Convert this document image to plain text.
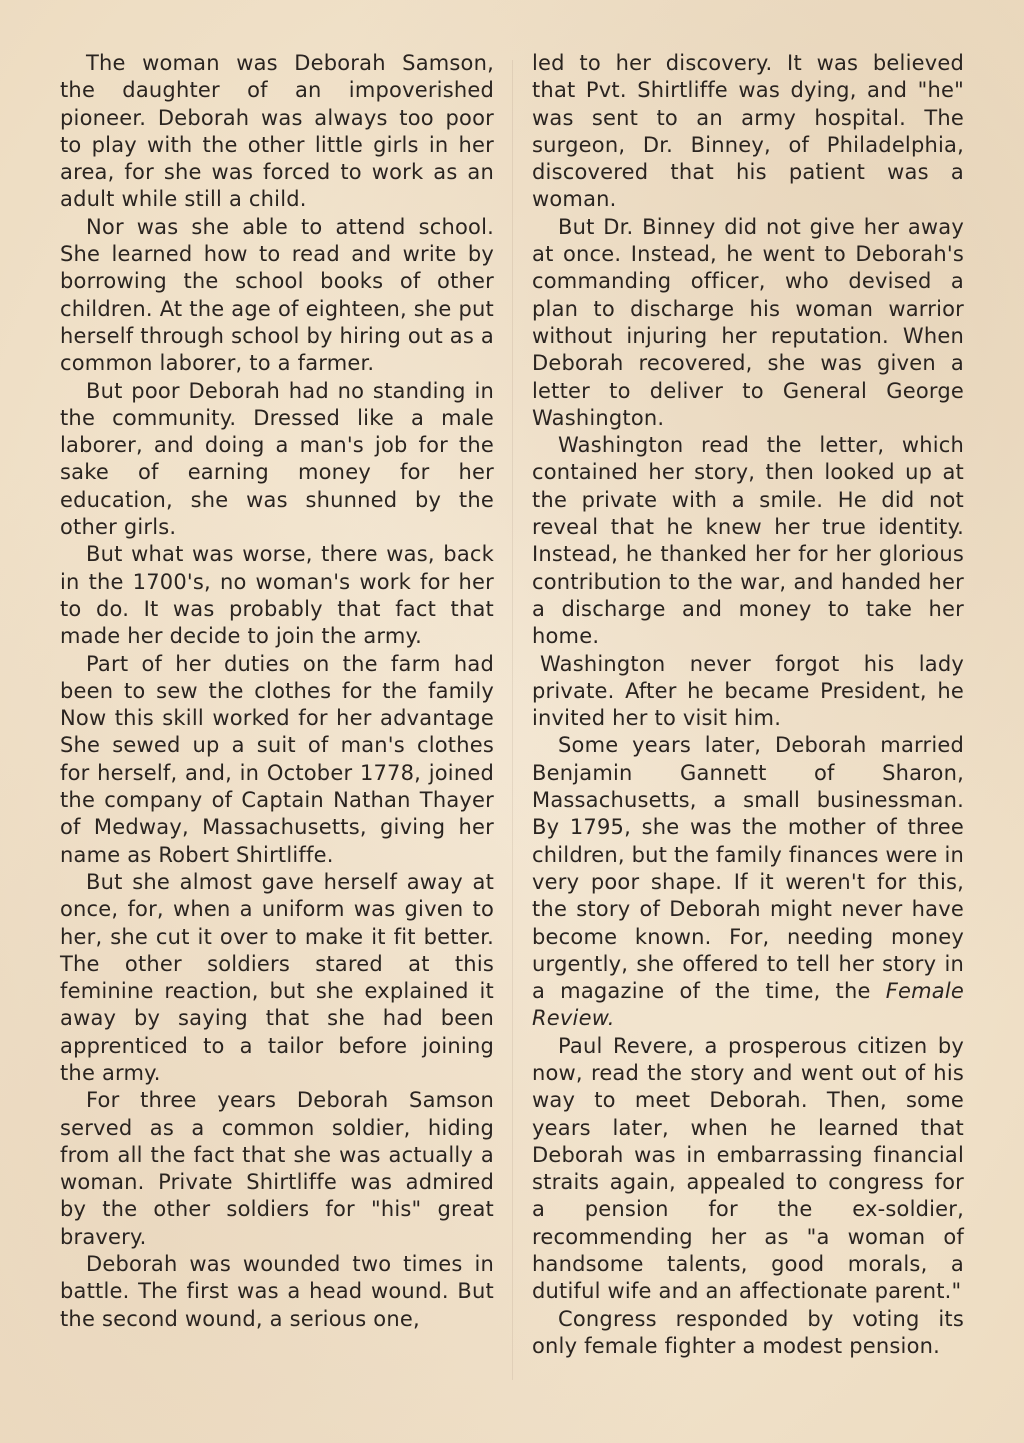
The woman was Deborah Samson, the daughter of an impoverished pioneer. Deborah was always too poor to play with the other little girls in her area, for she was forced to work as an adult while still a child.

Nor was she able to attend school. She learned how to read and write by borrowing the school books of other children. At the age of eighteen, she put herself through school by hiring out as a common laborer, to a farmer.

But poor Deborah had no standing in the community. Dressed like a male laborer, and doing a man's job for the sake of earning money for her education, she was shunned by the other girls.

But what was worse, there was, back in the 1700's, no woman's work for her to do. It was probably that fact that made her decide to join the army.

Part of her duties on the farm had been to sew the clothes for the family Now this skill worked for her advantage She sewed up a suit of man's clothes for herself, and, in October 1778, joined the company of Captain Nathan Thayer of Medway, Massachusetts, giving her name as Robert Shirtliffe.

But she almost gave herself away at once, for, when a uniform was given to her, she cut it over to make it fit better. The other soldiers stared at this feminine reaction, but she explained it away by saying that she had been apprenticed to a tailor before joining the army.

For three years Deborah Samson served as a common soldier, hiding from all the fact that she was actually a woman. Private Shirtliffe was admired by the other soldiers for "his" great bravery.

Deborah was wounded two times in battle. The first was a head wound. But the second wound, a serious one,

led to her discovery. It was believed that Pvt. Shirtliffe was dying, and "he" was sent to an army hospital. The surgeon, Dr. Binney, of Philadelphia, discovered that his patient was a woman.

But Dr. Binney did not give her away at once. Instead, he went to Deborah's commanding officer, who devised a plan to discharge his woman warrior without injuring her reputation. When Deborah recovered, she was given a letter to deliver to General George Washington.

Washington read the letter, which contained her story, then looked up at the private with a smile. He did not reveal that he knew her true identity. Instead, he thanked her for her glorious contribution to the war, and handed her a discharge and money to take her home.

Washington never forgot his lady private. After he became President, he invited her to visit him.

Some years later, Deborah married Benjamin Gannett of Sharon, Massachusetts, a small businessman. By 1795, she was the mother of three children, but the family finances were in very poor shape. If it weren't for this, the story of Deborah might never have become known. For, needing money urgently, she offered to tell her story in a magazine of the time, the Female Review.

Paul Revere, a prosperous citizen by now, read the story and went out of his way to meet Deborah. Then, some years later, when he learned that Deborah was in embarrassing financial straits again, appealed to congress for a pension for the ex-soldier, recommending her as "a woman of handsome talents, good morals, a dutiful wife and an affectionate parent."

Congress responded by voting its only female fighter a modest pension.
